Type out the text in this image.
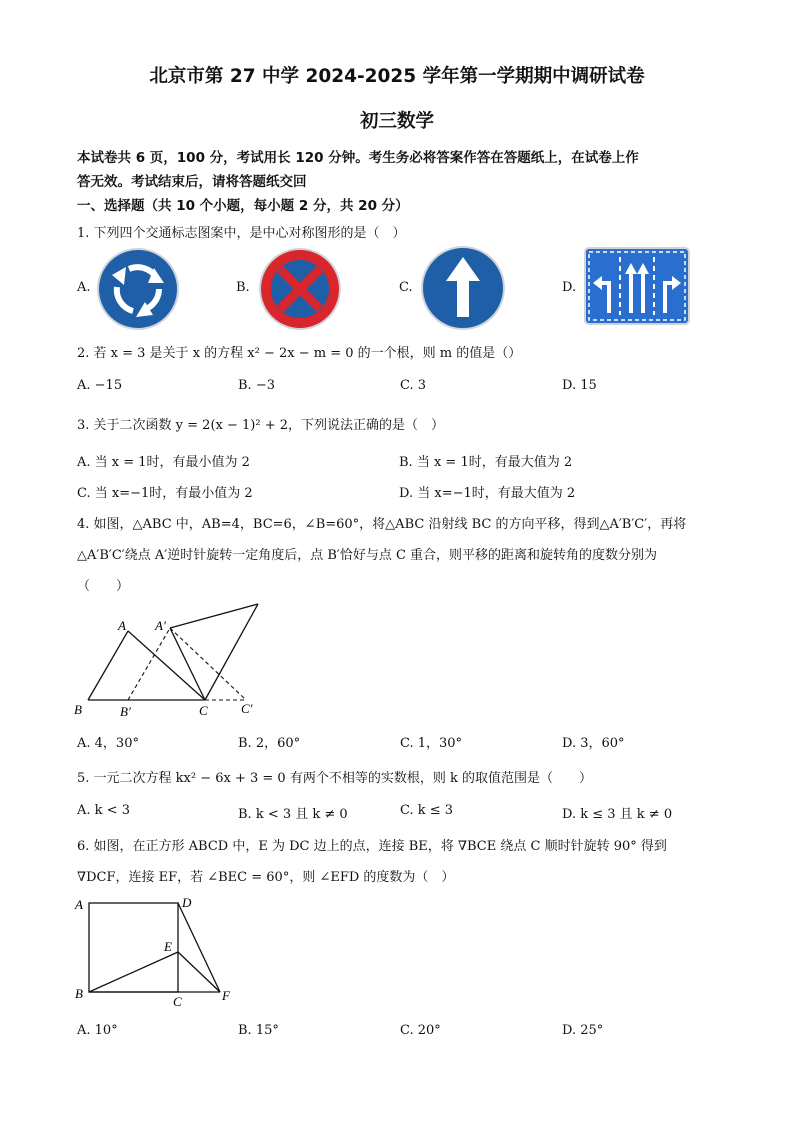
北京市第 27 中学 2024-2025 学年第一学期期中调研试卷
初三数学
本试卷共 6 页，100 分，考试用长 120 分钟。考生务必将答案作答在答题纸上，在试卷上作
答无效。考试结束后，请将答题纸交回
一、选择题（共 10 个小题，每小题 2 分，共 20 分）
1. 下列四个交通标志图案中，是中心对称图形的是（　）
A.	B.	C.	D.
2. 若 x = 3 是关于 x 的方程 x² − 2x − m = 0 的一个根，则 m 的值是（）
A. −15	B. −3	C. 3	D. 15
3. 关于二次函数 y = 2(x − 1)² + 2，下列说法正确的是（　）
A. 当 x = 1时，有最小值为 2	B. 当 x = 1时，有最大值为 2
C. 当 x=−1时，有最小值为 2	D. 当 x=−1时，有最大值为 2
4. 如图，△ABC 中，AB=4，BC=6，∠B=60°，将△ABC 沿射线 BC 的方向平移，得到△A′B′C′，再将
△A′B′C′绕点 A′逆时针旋转一定角度后，点 B′恰好与点 C 重合，则平移的距离和旋转角的度数分别为
（　　）
A A′
B	B′	C	C′
A. 4，30°	B. 2，60°	C. 1，30°	D. 3，60°
5. 一元二次方程 kx² − 6x + 3 = 0 有两个不相等的实数根，则 k 的取值范围是（　　）
A. k < 3	B. k < 3 且 k ≠ 0	C. k ≤ 3	D. k ≤ 3 且 k ≠ 0
6. 如图，在正方形 ABCD 中，E 为 DC 边上的点，连接 BE，将 ∇BCE 绕点 C 顺时针旋转 90° 得到
∇DCF，连接 EF，若 ∠BEC = 60°，则 ∠EFD 的度数为（　）
A	D
E
B
C	F
A. 10°	B. 15°	C. 20°	D. 25°
